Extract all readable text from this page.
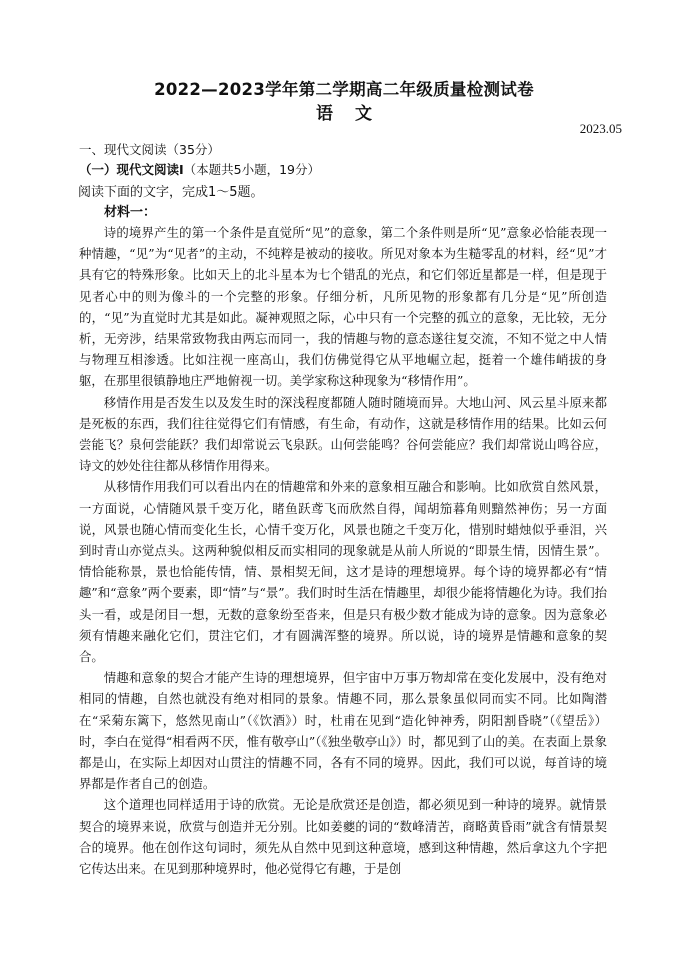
2022—2023学年第二学期高二年级质量检测试卷
语文
2023.05
一、现代文阅读（35分）
（一）现代文阅读Ⅰ（本题共5小题，19分）
阅读下面的文字，完成1～5题。
材料一：

诗的境界产生的第一个条件是直觉所“见”的意象，第二个条件则是所“见”意象必恰能表现一种情趣，“见”为“见者”的主动，不纯粹是被动的接收。所见对象本为生糙零乱的材料，经“见”才具有它的特殊形象。比如天上的北斗星本为七个错乱的光点，和它们邻近星都是一样，但是现于见者心中的则为像斗的一个完整的形象。仔细分析，凡所见物的形象都有几分是“见”所创造的，“见”为直觉时尤其是如此。凝神观照之际，心中只有一个完整的孤立的意象，无比较，无分析，无旁涉，结果常致物我由两忘而同一，我的情趣与物的意态遂往复交流，不知不觉之中人情与物理互相渗透。比如注视一座高山，我们仿佛觉得它从平地崛立起，挺着一个雄伟峭拔的身躯，在那里很镇静地庄严地俯视一切。美学家称这种现象为“移情作用”。

移情作用是否发生以及发生时的深浅程度都随人随时随境而异。大地山河、风云星斗原来都是死板的东西，我们往往觉得它们有情感，有生命，有动作，这就是移情作用的结果。比如云何尝能飞？泉何尝能跃？我们却常说云飞泉跃。山何尝能鸣？谷何尝能应？我们却常说山鸣谷应，诗文的妙处往往都从移情作用得来。

从移情作用我们可以看出内在的情趣常和外来的意象相互融合和影响。比如欣赏自然风景，一方面说，心情随风景千变万化，睹鱼跃鸢飞而欣然自得，闻胡笳暮角则黯然神伤；另一方面说，风景也随心情而变化生长，心情千变万化，风景也随之千变万化，惜别时蜡烛似乎垂泪，兴到时青山亦觉点头。这两种貌似相反而实相同的现象就是从前人所说的“即景生情，因情生景”。情恰能称景，景也恰能传情，情、景相契无间，这才是诗的理想境界。每个诗的境界都必有“情趣”和“意象”两个要素，即“情”与“景”。我们时时生活在情趣里，却很少能将情趣化为诗。我们抬头一看，或是闭目一想，无数的意象纷至沓来，但是只有极少数才能成为诗的意象。因为意象必须有情趣来融化它们，贯注它们，才有圆满浑整的境界。所以说，诗的境界是情趣和意象的契合。

情趣和意象的契合才能产生诗的理想境界，但宇宙中万事万物却常在变化发展中，没有绝对相同的情趣，自然也就没有绝对相同的景象。情趣不同，那么景象虽似同而实不同。比如陶潜在“采菊东篱下，悠然见南山”（《饮酒》）时，杜甫在见到“造化钟神秀，阴阳割昏晓”（《望岳》）时，李白在觉得“相看两不厌，惟有敬亭山”（《独坐敬亭山》）时，都见到了山的美。在表面上景象都是山，在实际上却因对山贯注的情趣不同，各有不同的境界。因此，我们可以说，每首诗的境界都是作者自己的创造。

这个道理也同样适用于诗的欣赏。无论是欣赏还是创造，都必须见到一种诗的境界。就情景契合的境界来说，欣赏与创造并无分别。比如姜夔的词的“数峰清苦，商略黄昏雨”就含有情景契合的境界。他在创作这句词时，须先从自然中见到这种意境，感到这种情趣，然后拿这九个字把它传达出来。在见到那种境界时，他必觉得它有趣，于是创
